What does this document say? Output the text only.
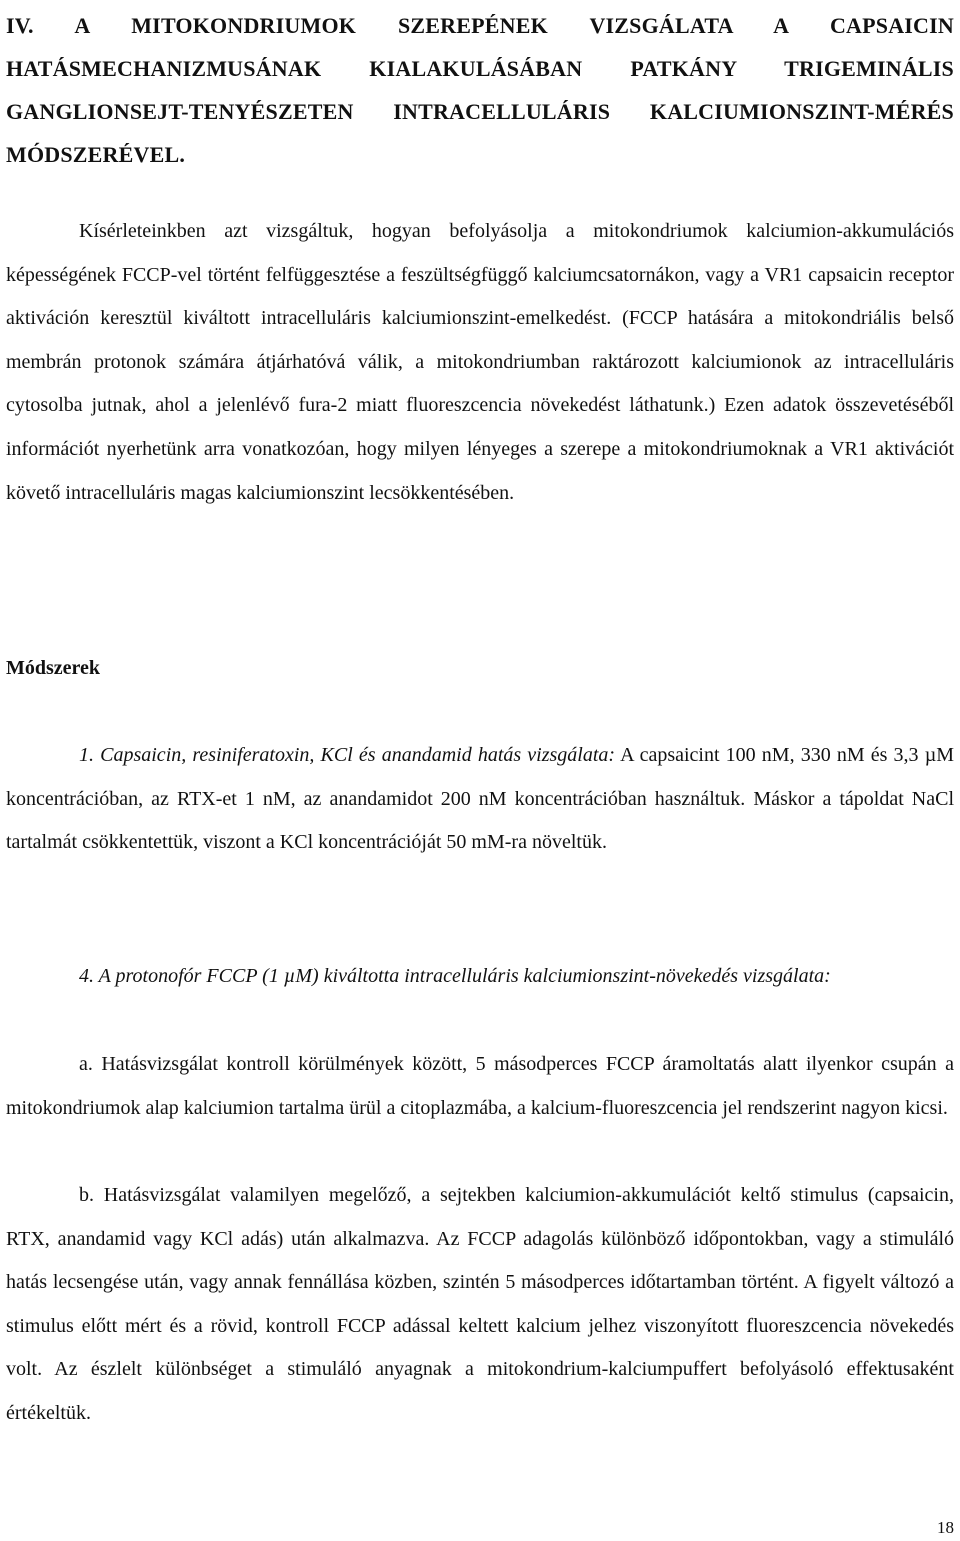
IV. A MITOKONDRIUMOK SZEREPÉNEK VIZSGÁLATA A CAPSAICIN HATÁSMECHANIZMUSÁNAK KIALAKULÁSÁBAN PATKÁNY TRIGEMINÁLIS GANGLIONSEJT-TENYÉSZETEN INTRACELLULÁRIS KALCIUMIONSZINT-MÉRÉS MÓDSZERÉVEL.

Kísérleteinkben azt vizsgáltuk, hogyan befolyásolja a mitokondriumok kalciumion-akkumulációs képességének FCCP-vel történt felfüggesztése a feszültségfüggő kalciumcsatornákon, vagy a VR1 capsaicin receptor aktiváción keresztül kiváltott intracelluláris kalciumionszint-emelkedést. (FCCP hatására a mitokondriális belső membrán protonok számára átjárhatóvá válik, a mitokondriumban raktározott kalciumionok az intracelluláris cytosolba jutnak, ahol a jelenlévő fura-2 miatt fluoreszcencia növekedést láthatunk.) Ezen adatok összevetéséből információt nyerhetünk arra vonatkozóan, hogy milyen lényeges a szerepe a mitokondriumoknak a VR1 aktivációt követő intracelluláris magas kalciumionszint lecsökkentésében.

Módszerek

1. Capsaicin, resiniferatoxin, KCl és anandamid hatás vizsgálata: A capsaicint 100 nM, 330 nM és 3,3 µM koncentrációban, az RTX-et 1 nM, az anandamidot 200 nM koncentrációban használtuk. Máskor a tápoldat NaCl tartalmát csökkentettük, viszont a KCl koncentrációját 50 mM-ra növeltük.

4. A protonofór FCCP (1 µM) kiváltotta intracelluláris kalciumionszint-növekedés vizsgálata:

a. Hatásvizsgálat kontroll körülmények között, 5 másodperces FCCP áramoltatás alatt ilyenkor csupán a mitokondriumok alap kalciumion tartalma ürül a citoplazmába, a kalcium-fluoreszcencia jel rendszerint nagyon kicsi.

b. Hatásvizsgálat valamilyen megelőző, a sejtekben kalciumion-akkumulációt keltő stimulus (capsaicin, RTX, anandamid vagy KCl adás) után alkalmazva. Az FCCP adagolás különböző időpontokban, vagy a stimuláló hatás lecsengése után, vagy annak fennállása közben, szintén 5 másodperces időtartamban történt. A figyelt változó a stimulus előtt mért és a rövid, kontroll FCCP adással keltett kalcium jelhez viszonyított fluoreszcencia növekedés volt. Az észlelt különbséget a stimuláló anyagnak a mitokondrium-kalciumpuffert befolyásoló effektusaként értékeltük.

18
